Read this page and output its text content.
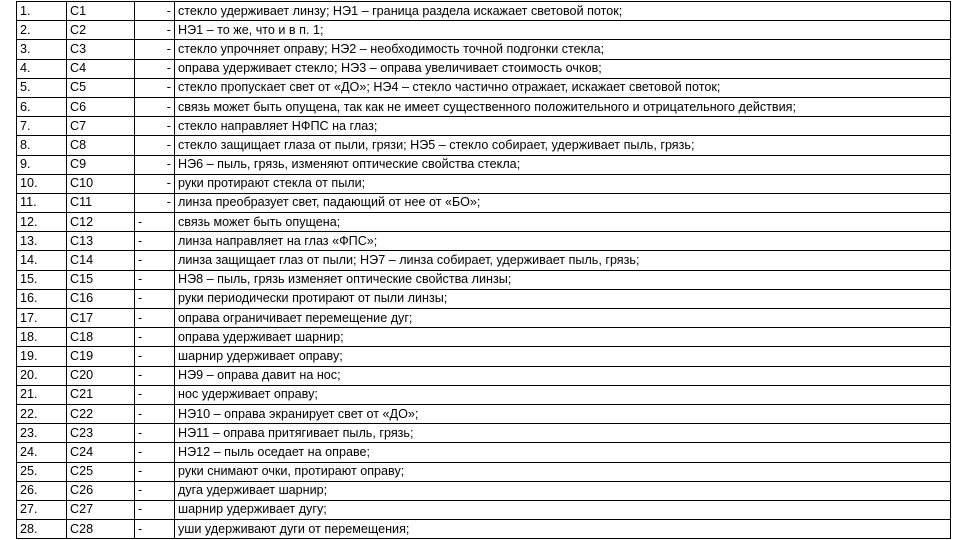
1.	С1	-	стекло удерживает линзу; НЭ1 – граница раздела искажает световой поток;
2.	С2	-	НЭ1 – то же, что и в п. 1;
3.	С3	-	стекло упрочняет оправу; НЭ2 – необходимость точной подгонки стекла;
4.	С4	-	оправа удерживает стекло; НЭ3 – оправа увеличивает стоимость очков;
5.	С5	-	стекло пропускает свет от «ДО»; НЭ4 – стекло частично отражает, искажает световой поток;
6.	С6	-	связь может быть опущена, так как не имеет существенного положительного и отрицательного действия;
7.	С7	-	стекло направляет НФПС на глаз;
8.	С8	-	стекло защищает глаза от пыли, грязи; НЭ5 – стекло собирает, удерживает пыль, грязь;
9.	С9	-	НЭ6 – пыль, грязь, изменяют оптические свойства стекла;
10.	С10	-	руки протирают стекла от пыли;
11.	С11	-	линза преобразует свет, падающий от нее от «БО»;
12.	С12	-	связь может быть опущена;
13.	С13	-	линза направляет на глаз «ФПС»;
14.	С14	-	линза защищает глаз от пыли; НЭ7 – линза собирает, удерживает пыль, грязь;
15.	С15	-	НЭ8 – пыль, грязь изменяет оптические свойства линзы;
16.	С16	-	руки периодически протирают от пыли линзы;
17.	С17	-	оправа ограничивает перемещение дуг;
18.	С18	-	оправа удерживает шарнир;
19.	С19	-	шарнир удерживает оправу;
20.	С20	-	НЭ9 – оправа давит на нос;
21.	С21	-	нос удерживает оправу;
22.	С22	-	НЭ10 – оправа экранирует свет от «ДО»;
23.	С23	-	НЭ11 – оправа притягивает пыль, грязь;
24.	С24	-	НЭ12 – пыль оседает на оправе;
25.	С25	-	руки снимают очки, протирают оправу;
26.	С26	-	дуга удерживает шарнир;
27.	С27	-	шарнир удерживает дугу;
28.	С28	-	уши удерживают дуги от перемещения;
